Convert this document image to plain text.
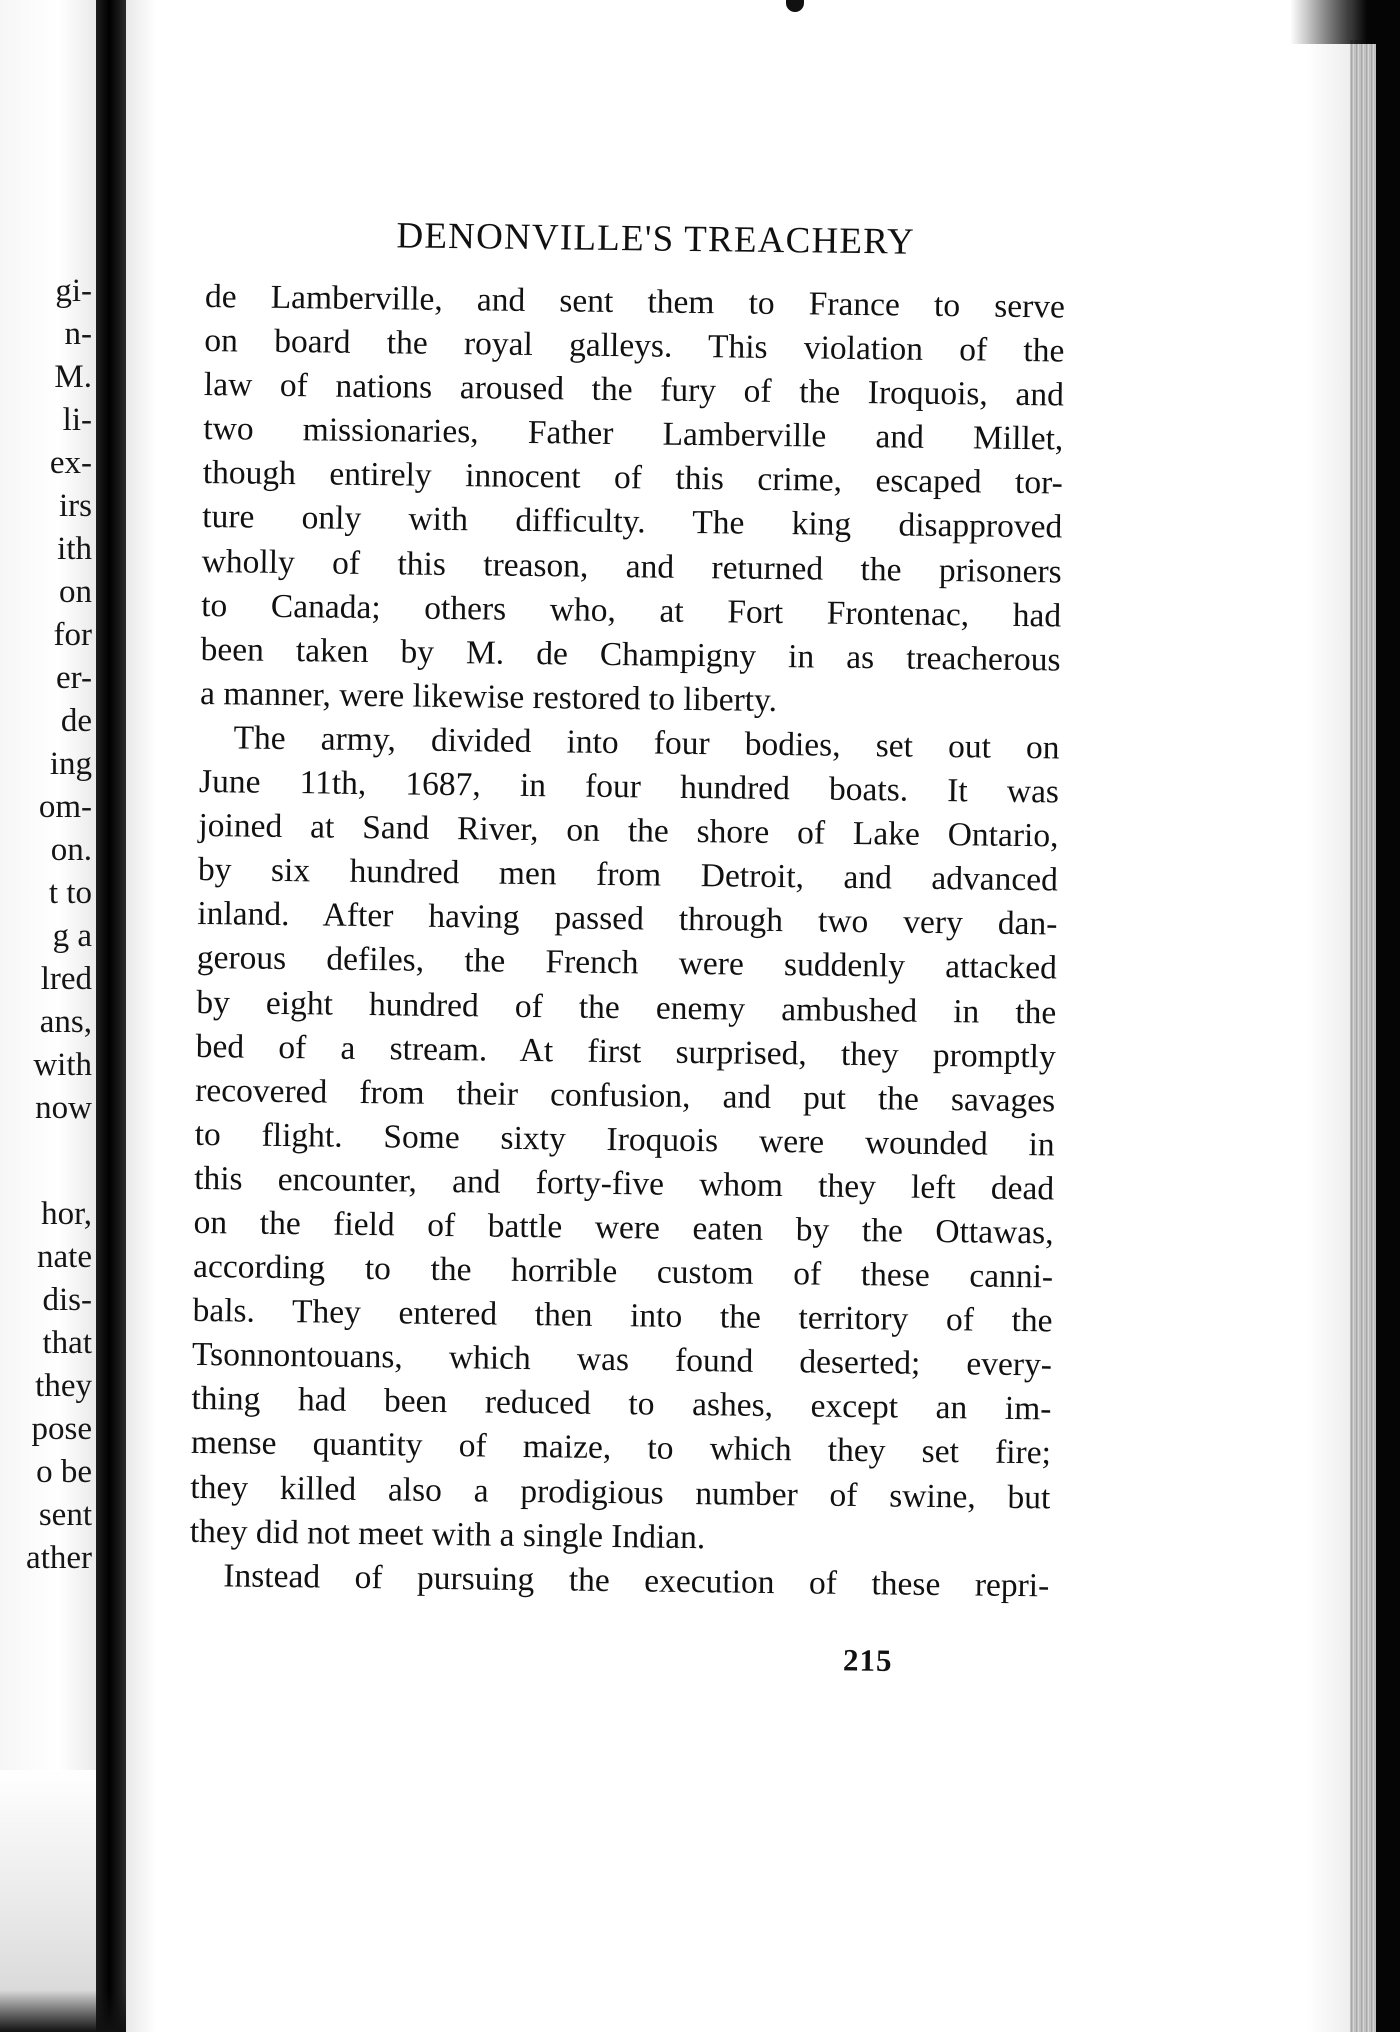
gi-
n-
M.
li-
ex-
irs
ith
on
for
er-
de
ing
om-
on.
t to
g a
lred
ans,
with
now
hor,
nate
dis-
that
they
pose
o be
sent
ather
DENONVILLE'S TREACHERY
de Lamberville, and sent them to France to serve
on board the royal galleys. This violation of the
law of nations aroused the fury of the Iroquois, and
two missionaries, Father Lamberville and Millet,
though entirely innocent of this crime, escaped tor-
ture only with difficulty. The king disapproved
wholly of this treason, and returned the prisoners
to Canada; others who, at Fort Frontenac, had
been taken by M. de Champigny in as treacherous
a manner, were likewise restored to liberty.
The army, divided into four bodies, set out on
June 11th, 1687, in four hundred boats. It was
joined at Sand River, on the shore of Lake Ontario,
by six hundred men from Detroit, and advanced
inland. After having passed through two very dan-
gerous defiles, the French were suddenly attacked
by eight hundred of the enemy ambushed in the
bed of a stream. At first surprised, they promptly
recovered from their confusion, and put the savages
to flight. Some sixty Iroquois were wounded in
this encounter, and forty-five whom they left dead
on the field of battle were eaten by the Ottawas,
according to the horrible custom of these canni-
bals. They entered then into the territory of the
Tsonnontouans, which was found deserted; every-
thing had been reduced to ashes, except an im-
mense quantity of maize, to which they set fire;
they killed also a prodigious number of swine, but
they did not meet with a single Indian.
Instead of pursuing the execution of these repri-
215
